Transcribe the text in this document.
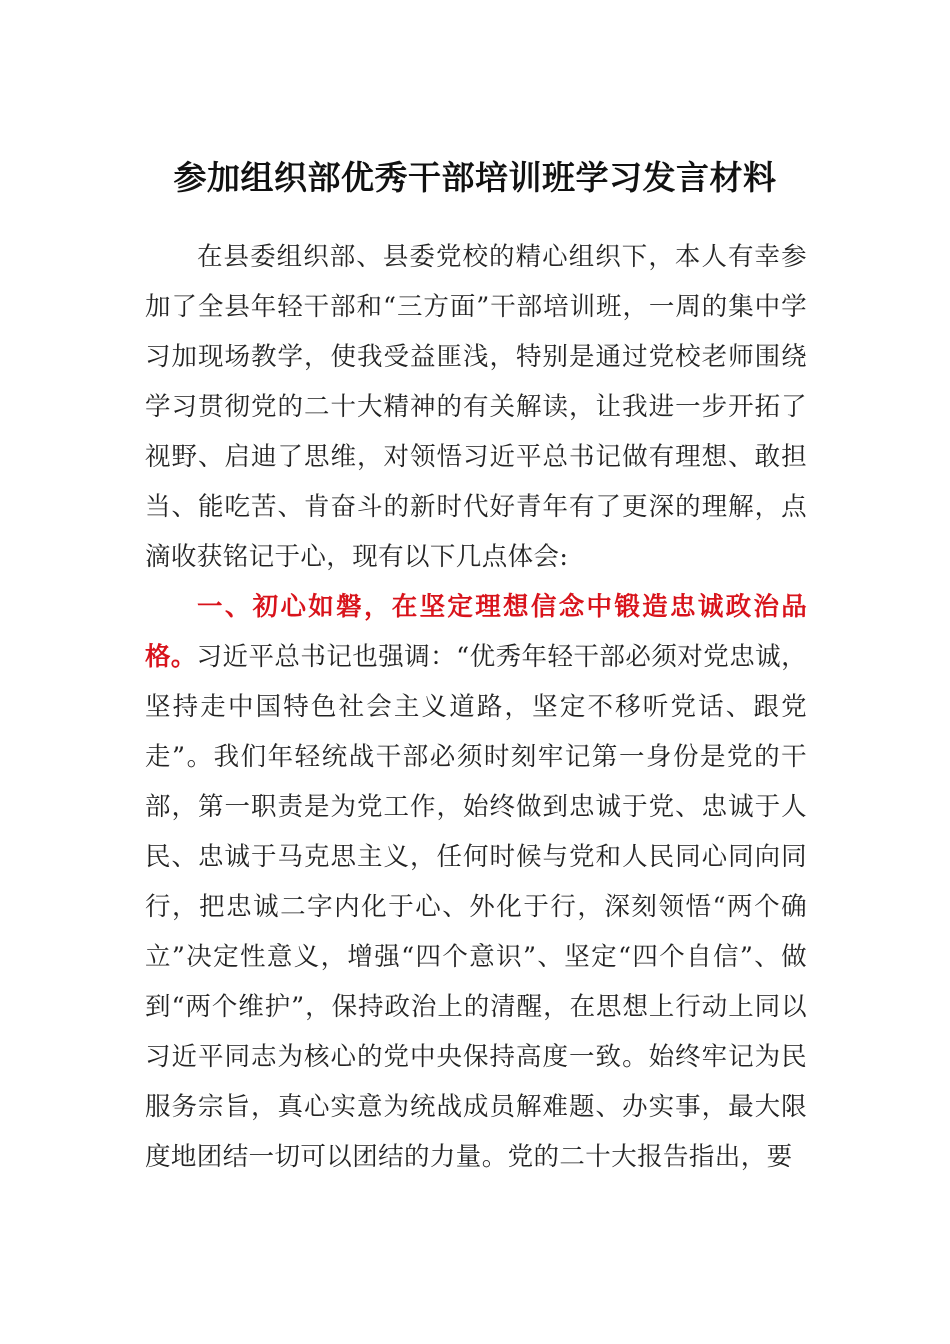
参加组织部优秀干部培训班学习发言材料

在县委组织部、县委党校的精心组织下，本人有幸参加了全县年轻干部和“三方面”干部培训班，一周的集中学习加现场教学，使我受益匪浅，特别是通过党校老师围绕学习贯彻党的二十大精神的有关解读，让我进一步开拓了视野、启迪了思维，对领悟习近平总书记做有理想、敢担当、能吃苦、肯奋斗的新时代好青年有了更深的理解，点滴收获铭记于心，现有以下几点体会:

一、初心如磐，在坚定理想信念中锻造忠诚政治品格。习近平总书记也强调：“优秀年轻干部必须对党忠诚，坚持走中国特色社会主义道路，坚定不移听党话、跟党走”。我们年轻统战干部必须时刻牢记第一身份是党的干部，第一职责是为党工作，始终做到忠诚于党、忠诚于人民、忠诚于马克思主义，任何时候与党和人民同心同向同行，把忠诚二字内化于心、外化于行，深刻领悟“两个确立”决定性意义，增强“四个意识”、坚定“四个自信”、做到“两个维护”，保持政治上的清醒，在思想上行动上同以习近平同志为核心的党中央保持高度一致。始终牢记为民服务宗旨，真心实意为统战成员解难题、办实事，最大限度地团结一切可以团结的力量。党的二十大报告指出，要
